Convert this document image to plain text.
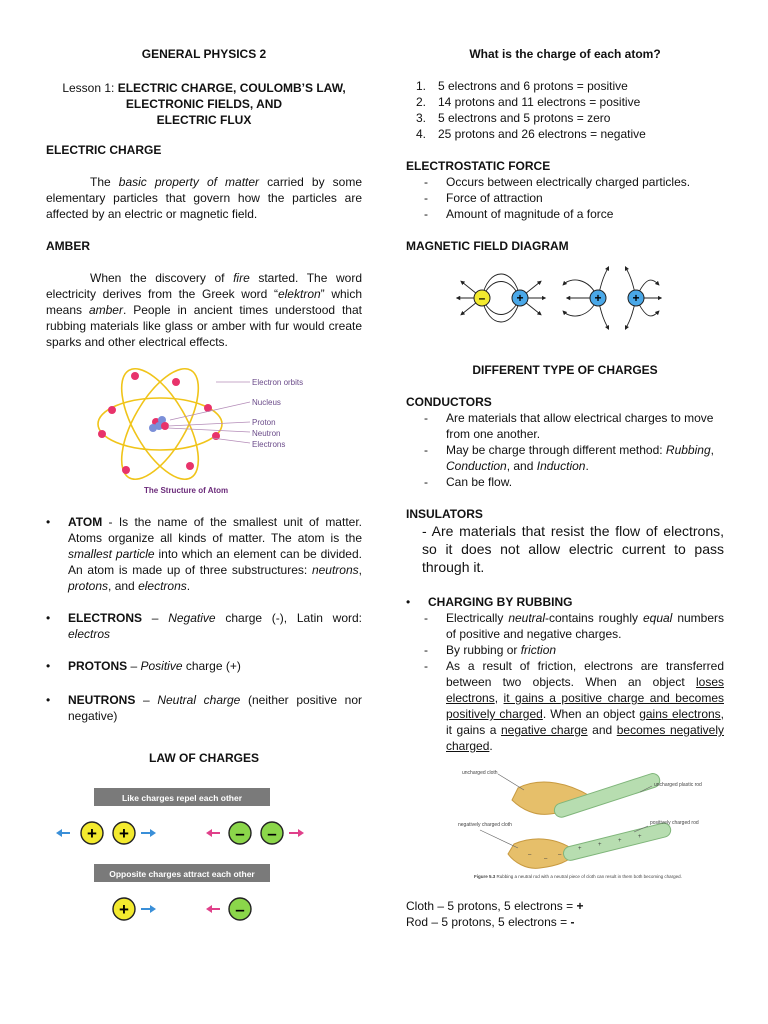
GENERAL PHYSICS 2
Lesson 1: ELECTRIC CHARGE, COULOMB’S LAW,
ELECTRONIC FIELDS, AND
ELECTRIC FLUX
ELECTRIC CHARGE

The basic property of matter carried by some elementary particles that govern how the particles are affected by an electric or magnetic field.

AMBER

When the discovery of fire started. The word electricity derives from the Greek word “elektron” which means amber. People in ancient times understood that rubbing materials like glass or amber with fur would create sparks and other electrical effects.

Electron orbits
Nucleus
Proton
Neutron
Electrons
The Structure of Atom
•	ATOM - Is the name of the smallest unit of matter. Atoms organize all kinds of matter. The atom is the smallest particle into which an element can be divided. An atom is made up of three substructures: neutrons, protons, and electrons.
•	ELECTRONS – Negative charge (-), Latin word: electros
•	PROTONS – Positive charge (+)
•	NEUTRONS – Neutral charge (neither positive nor negative)
LAW OF CHARGES
Like charges repel each other
+ +	– –
Opposite charges attract each other
+	–
What is the charge of each atom?
1. 5 electrons and 6 protons = positive
2. 14 protons and 11 electrons = positive
3. 5 electrons and 5 protons = zero
4. 25 protons and 26 electrons = negative
ELECTROSTATIC FORCE
- Occurs between electrically charged particles.
- Force of attraction
- Amount of magnitude of a force
MAGNETIC FIELD DIAGRAM
–	+	+	+
DIFFERENT TYPE OF CHARGES
CONDUCTORS
- Are materials that allow electrical charges to move from one another.
- May be charge through different method: Rubbing, Conduction, and Induction.
- Can be flow.
INSULATORS

- Are materials that resist the flow of electrons, so it does not allow electric current to pass through it.

•	CHARGING BY RUBBING
- Electrically neutral-contains roughly equal numbers of positive and negative charges.
- By rubbing or friction
- As a result of friction, electrons are transferred between two objects. When an object loses electrons, it gains a positive charge and becomes positively charged. When an object gains electrons, it gains a negative charge and becomes negatively charged.
+
+
+
+
–
–
–
uncharged cloth
uncharged plastic rod
negatively charged cloth	positively charged rod
Figure 5.3 Rubbing a neutral rod with a neutral piece of cloth can result in them both becoming charged.
Cloth – 5 protons, 5 electrons = +
Rod – 5 protons, 5 electrons = -
